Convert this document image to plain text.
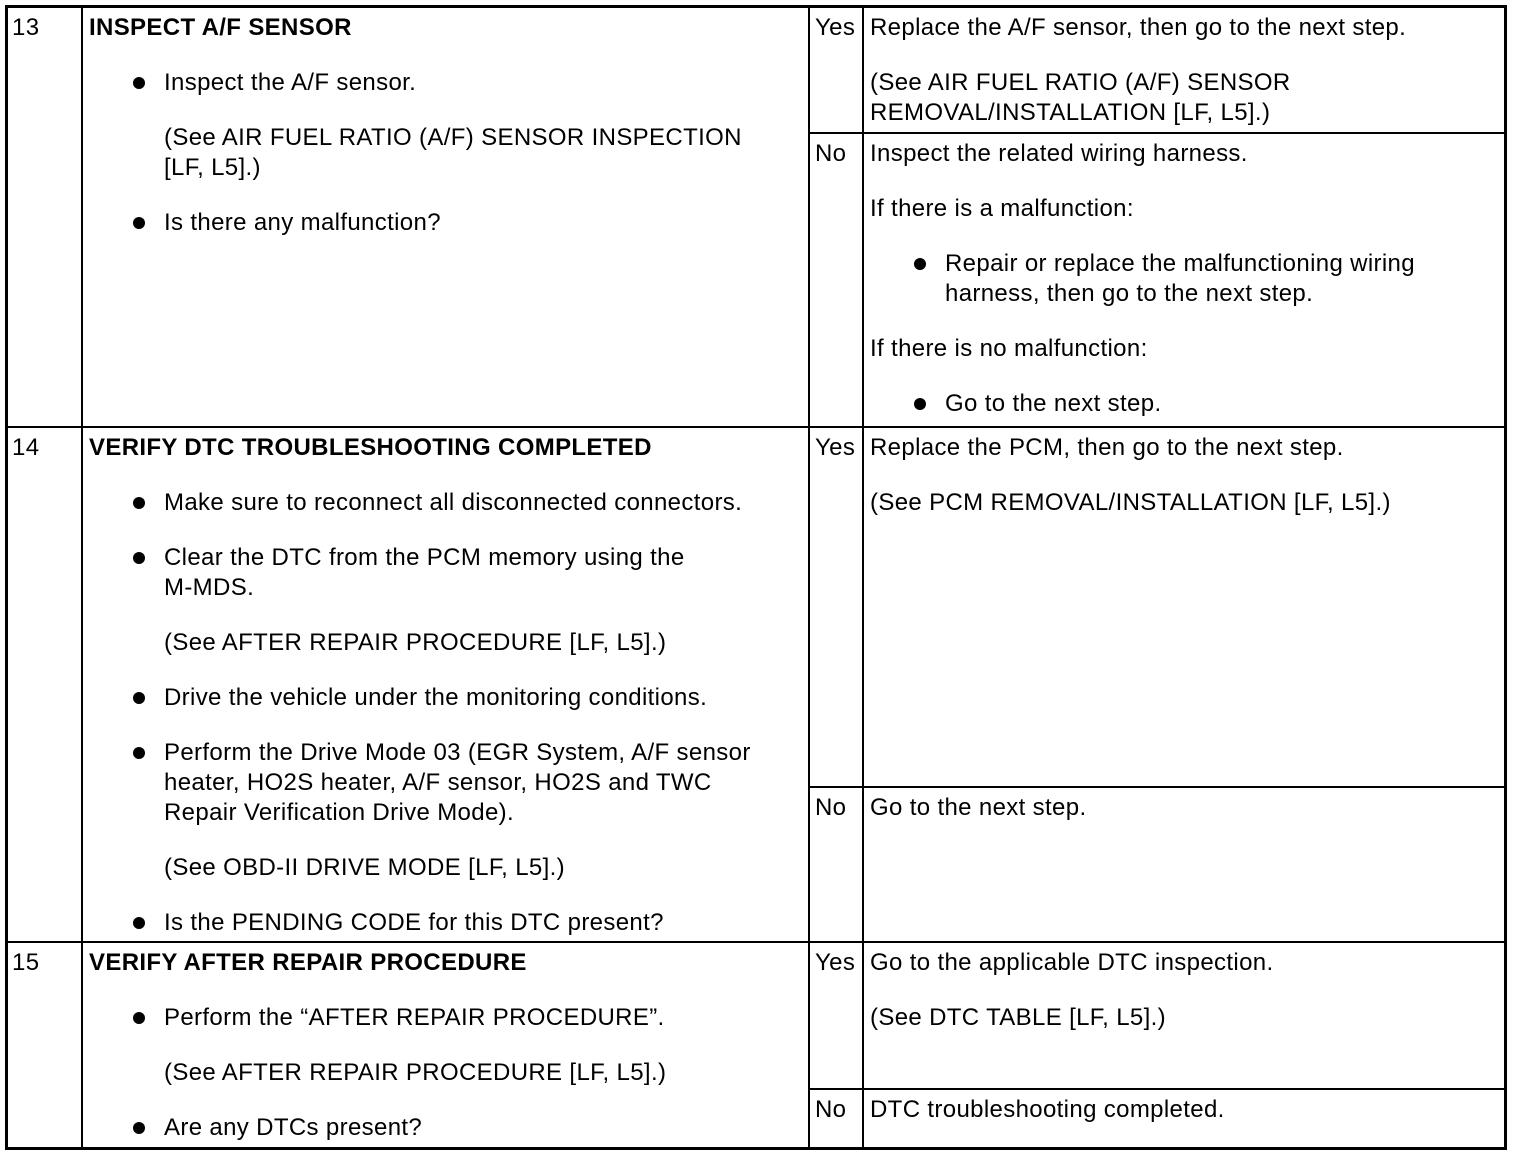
13	INSPECT A/F SENSOR
Inspect the A/F sensor.
(See AIR FUEL RATIO (A/F) SENSOR INSPECTION
[LF, L5].)
Is there any malfunction?
Yes Replace the A/F sensor, then go to the next step.
(See AIR FUEL RATIO (A/F) SENSOR
REMOVAL/INSTALLATION [LF, L5].)
No Inspect the related wiring harness.
If there is a malfunction:
Repair or replace the malfunctioning wiring
harness, then go to the next step.
If there is no malfunction:
Go to the next step.
14	VERIFY DTC TROUBLESHOOTING COMPLETED
Make sure to reconnect all disconnected connectors.
Clear the DTC from the PCM memory using the
M-MDS.
(See AFTER REPAIR PROCEDURE [LF, L5].)
Drive the vehicle under the monitoring conditions.
Perform the Drive Mode 03 (EGR System, A/F sensor
heater, HO2S heater, A/F sensor, HO2S and TWC
Repair Verification Drive Mode).
(See OBD-II DRIVE MODE [LF, L5].)
Is the PENDING CODE for this DTC present?
Yes Replace the PCM, then go to the next step.
(See PCM REMOVAL/INSTALLATION [LF, L5].)
No Go to the next step.
15	VERIFY AFTER REPAIR PROCEDURE
Perform the “AFTER REPAIR PROCEDURE”.
(See AFTER REPAIR PROCEDURE [LF, L5].)
Are any DTCs present?
Yes Go to the applicable DTC inspection.
(See DTC TABLE [LF, L5].)
No DTC troubleshooting completed.
